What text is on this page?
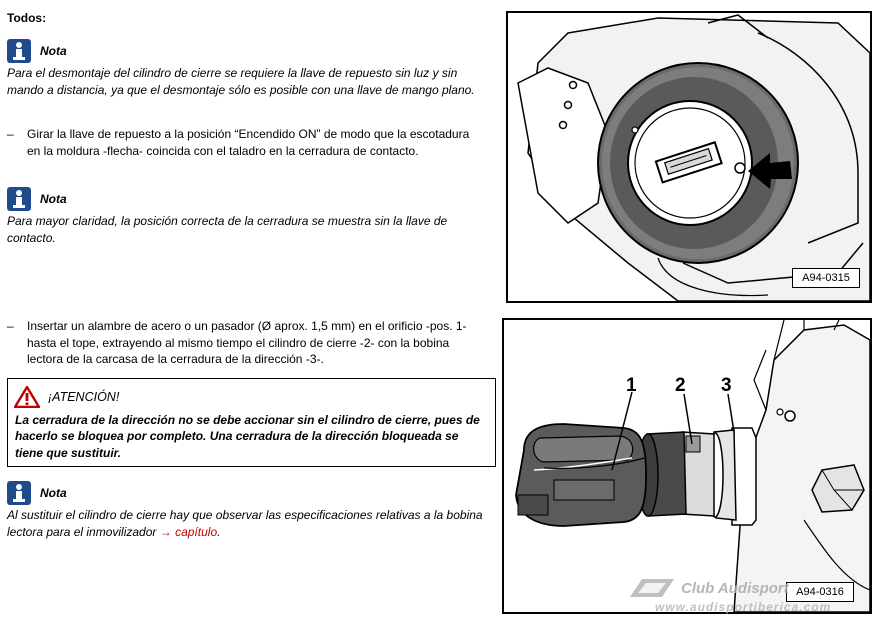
Todos:
Nota
Para el desmontaje del cilindro de cierre se requiere la llave de repuesto sin luz y sin mando a distancia, ya que el desmontaje sólo es posible con una llave de mango plano.
–	Girar la llave de repuesto a la posición “Encendido ON” de modo que la escotadura en la moldura -flecha- coincida con el taladro en la cerradura de contacto.
Nota
Para mayor claridad, la posición correcta de la cerradura se muestra sin la llave de contacto.
–	Insertar un alambre de acero o un pasador (Ø aprox. 1,5 mm) en el orificio -pos. 1- hasta el tope, extrayendo al mismo tiempo el cilindro de cierre -2- con la bobina lectora de la carcasa de la cerradura de la dirección -3-.
¡ATENCIÓN!
La cerradura de la dirección no se debe accionar sin el cilindro de cierre, pues de hacerlo se bloquea por completo. Una cerradura de la dirección bloqueada se tiene que sustituir.
Nota
Al sustituir el cilindro de cierre hay que observar las especificaciones relativas a la bobina lectora para el inmovilizador → capítulo.
A94-0315
1 2 3
A94-0316
Club Audisport
www.audisportiberica.com
